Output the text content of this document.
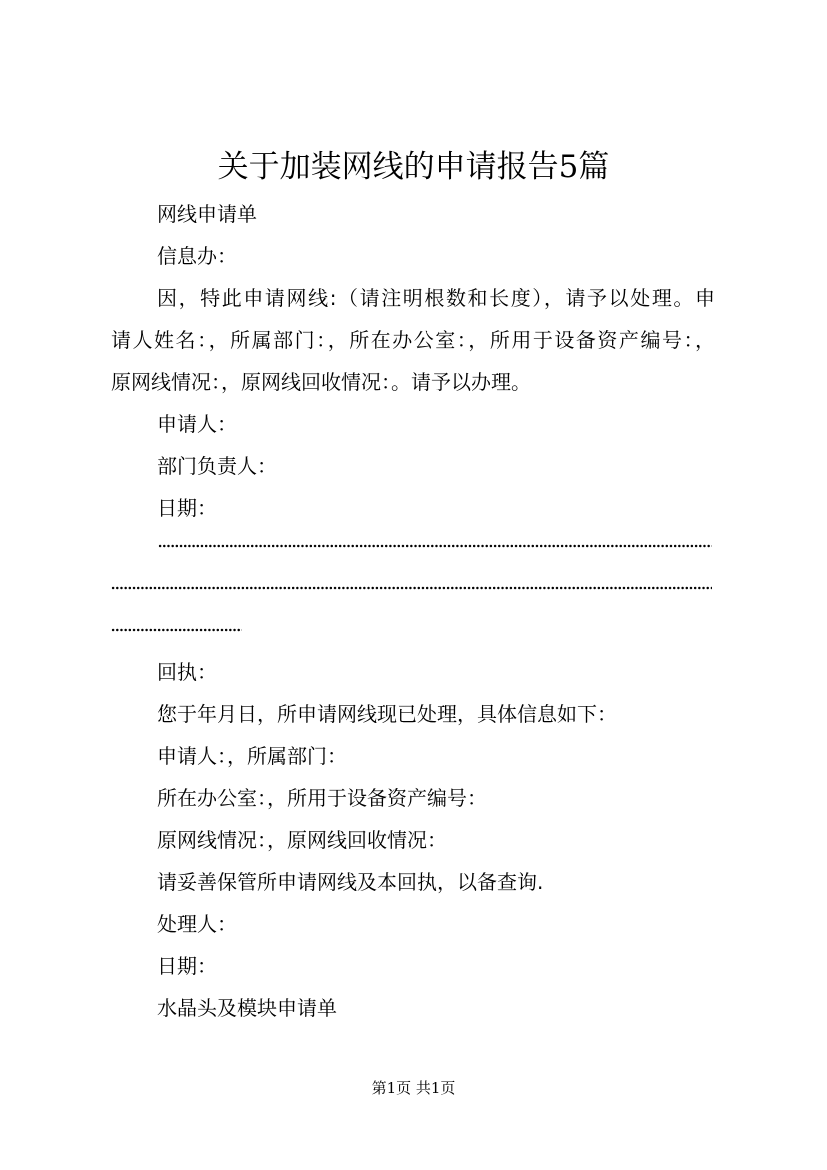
关于加装网线的申请报告5篇
网线申请单
信息办：
因，特此申请网线:（请注明根数和长度），请予以处理。申
请人姓名：，所属部门：，所在办公室：，所用于设备资产编号：，
原网线情况：，原网线回收情况：。请予以办理。
申请人：
部门负责人：
日期：
回执：
您于年月日，所申请网线现已处理，具体信息如下：
申请人：，所属部门：
所在办公室：，所用于设备资产编号：
原网线情况：，原网线回收情况：
请妥善保管所申请网线及本回执，以备查询.
处理人：
日期：
水晶头及模块申请单
第1页 共1页
